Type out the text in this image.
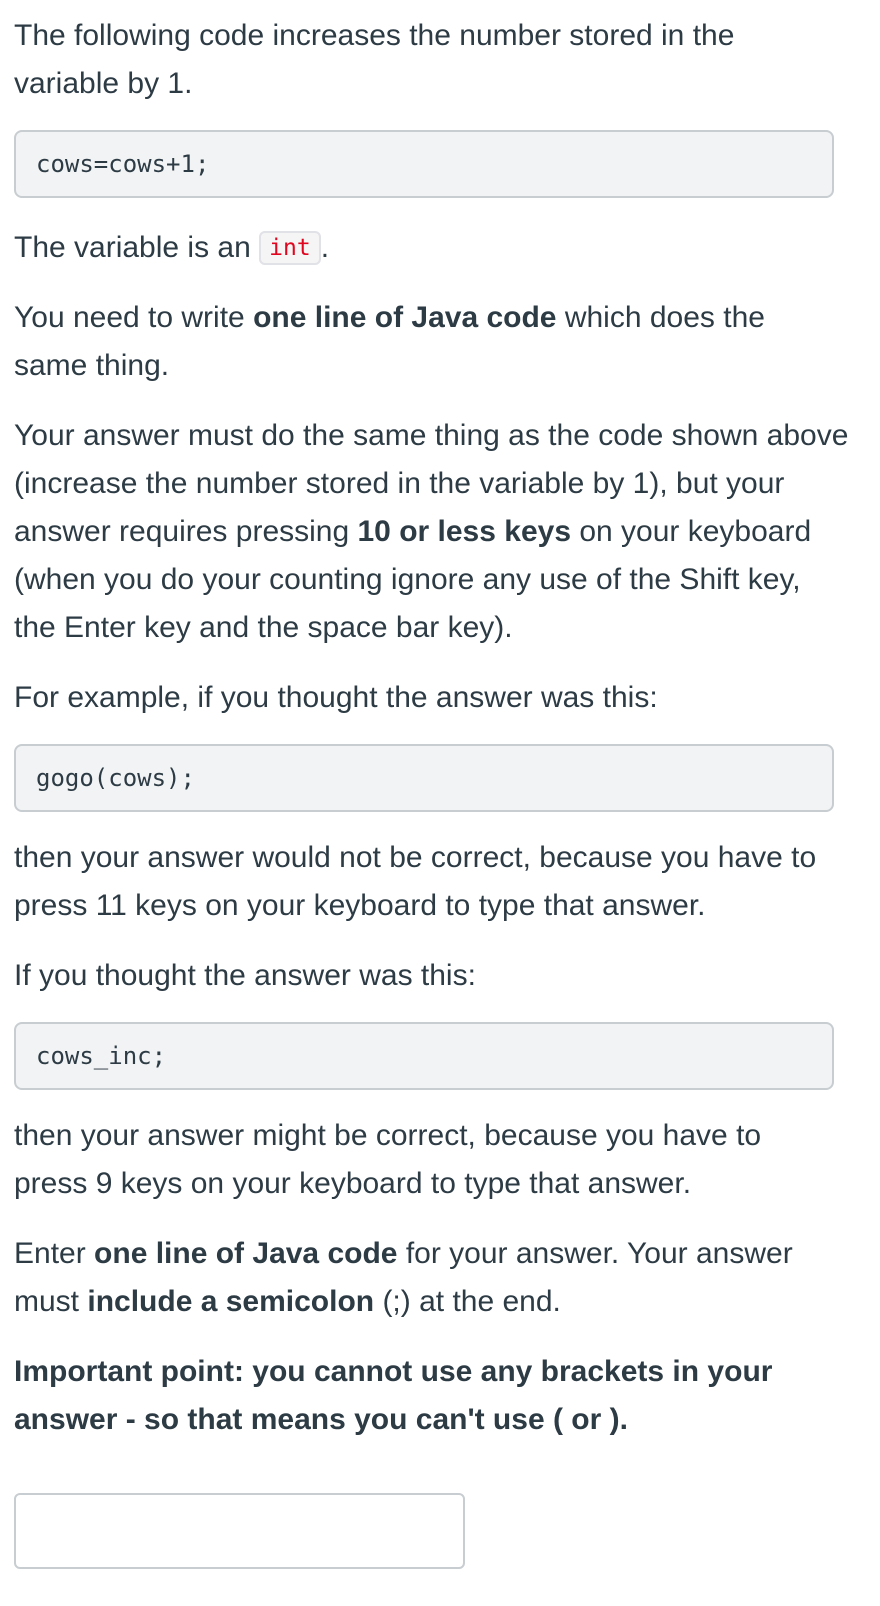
The following code increases the number stored in the variable by 1.

cows=cows+1;

The variable is an int .

You need to write one line of Java code which does the same thing.

Your answer must do the same thing as the code shown above (increase the number stored in the variable by 1), but your answer requires pressing 10 or less keys on your keyboard (when you do your counting ignore any use of the Shift key, the Enter key and the space bar key).

For example, if you thought the answer was this:

gogo(cows);

then your answer would not be correct, because you have to press 11 keys on your keyboard to type that answer.

If you thought the answer was this:

cows_inc;

then your answer might be correct, because you have to press 9 keys on your keyboard to type that answer.

Enter one line of Java code for your answer. Your answer must include a semicolon (;) at the end.

Important point: you cannot use any brackets in your answer - so that means you can't use ( or ).
